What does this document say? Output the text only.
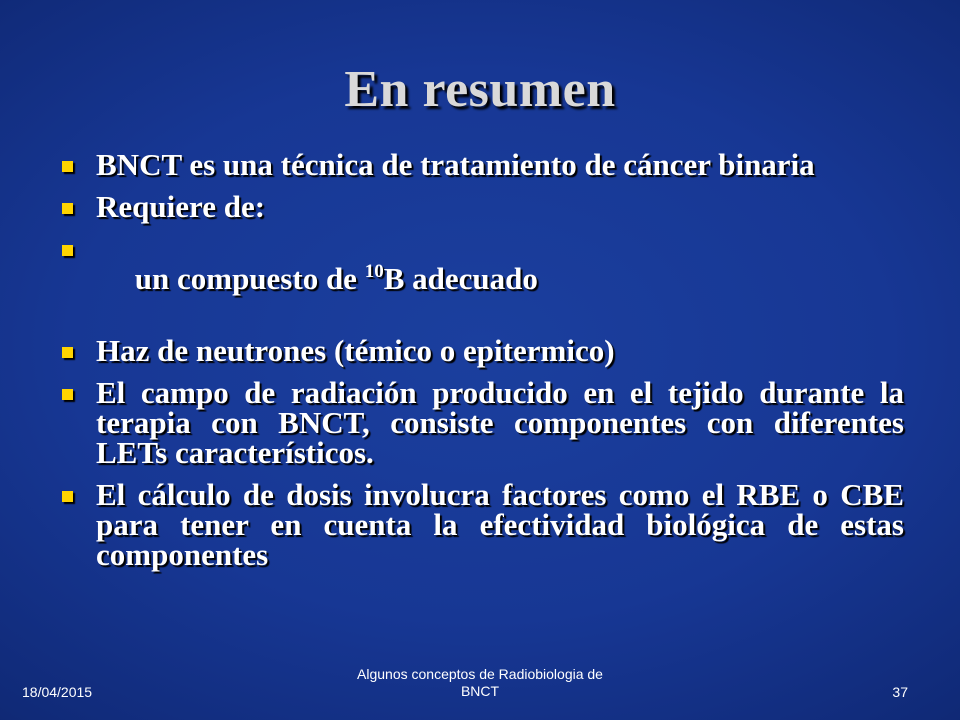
En resumen
BNCT es una técnica de tratamiento de cáncer binaria
Requiere de:

un compuesto de $^{10}$B adecuado

Haz de neutrones (témico o epitermico)
El campo de radiación producido en el tejido durante la terapia con BNCT, consiste componentes con diferentes LETs característicos.
El cálculo de dosis involucra factores como el RBE o CBE para tener en cuenta la efectividad biológica de estas componentes
18/04/2015
Algunos conceptos de Radiobiologia de
BNCT	37
